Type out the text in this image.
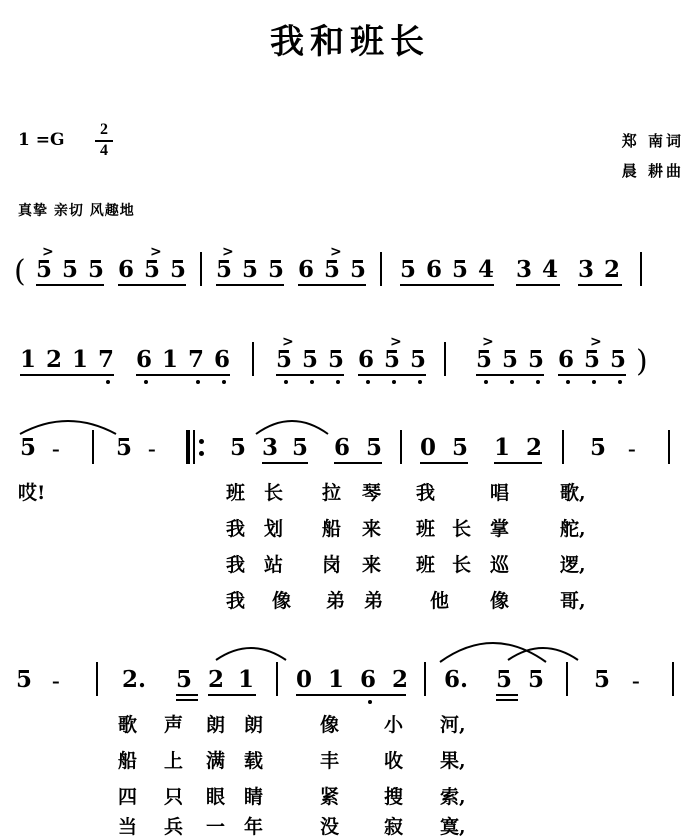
我和班长
1 =G
2
4
郑 南词
晨 耕曲
真挚 亲切 风趣地
(
>
5 5 5
>
6 5 5
>
5 5 5
>
6 5 5 5 6 5 4 3 4 3 2
1 2 1 7 6 1 7 6
>
5 5 5
>
6 5 5
>
5 5 5
>
6 5 5 )
5 - 5 -	5 3 5 6 5 0 5 1 2 5 -
哎!	班 长 拉 琴 我	唱	歌,
我 划 船 来 班 长 掌	舵,
我 站 岗 来 班 长 巡	逻,
我 像 弟 弟 他 像	哥,
5 -	2. 5 2 1 0 1 6 2 6. 5 5 5 -
歌 声 朗 朗	像 小 河,
船 上 满 载	丰 收 果,
四 只 眼 睛	紧 搜 索,
当 兵 一 年	没 寂 寞,
